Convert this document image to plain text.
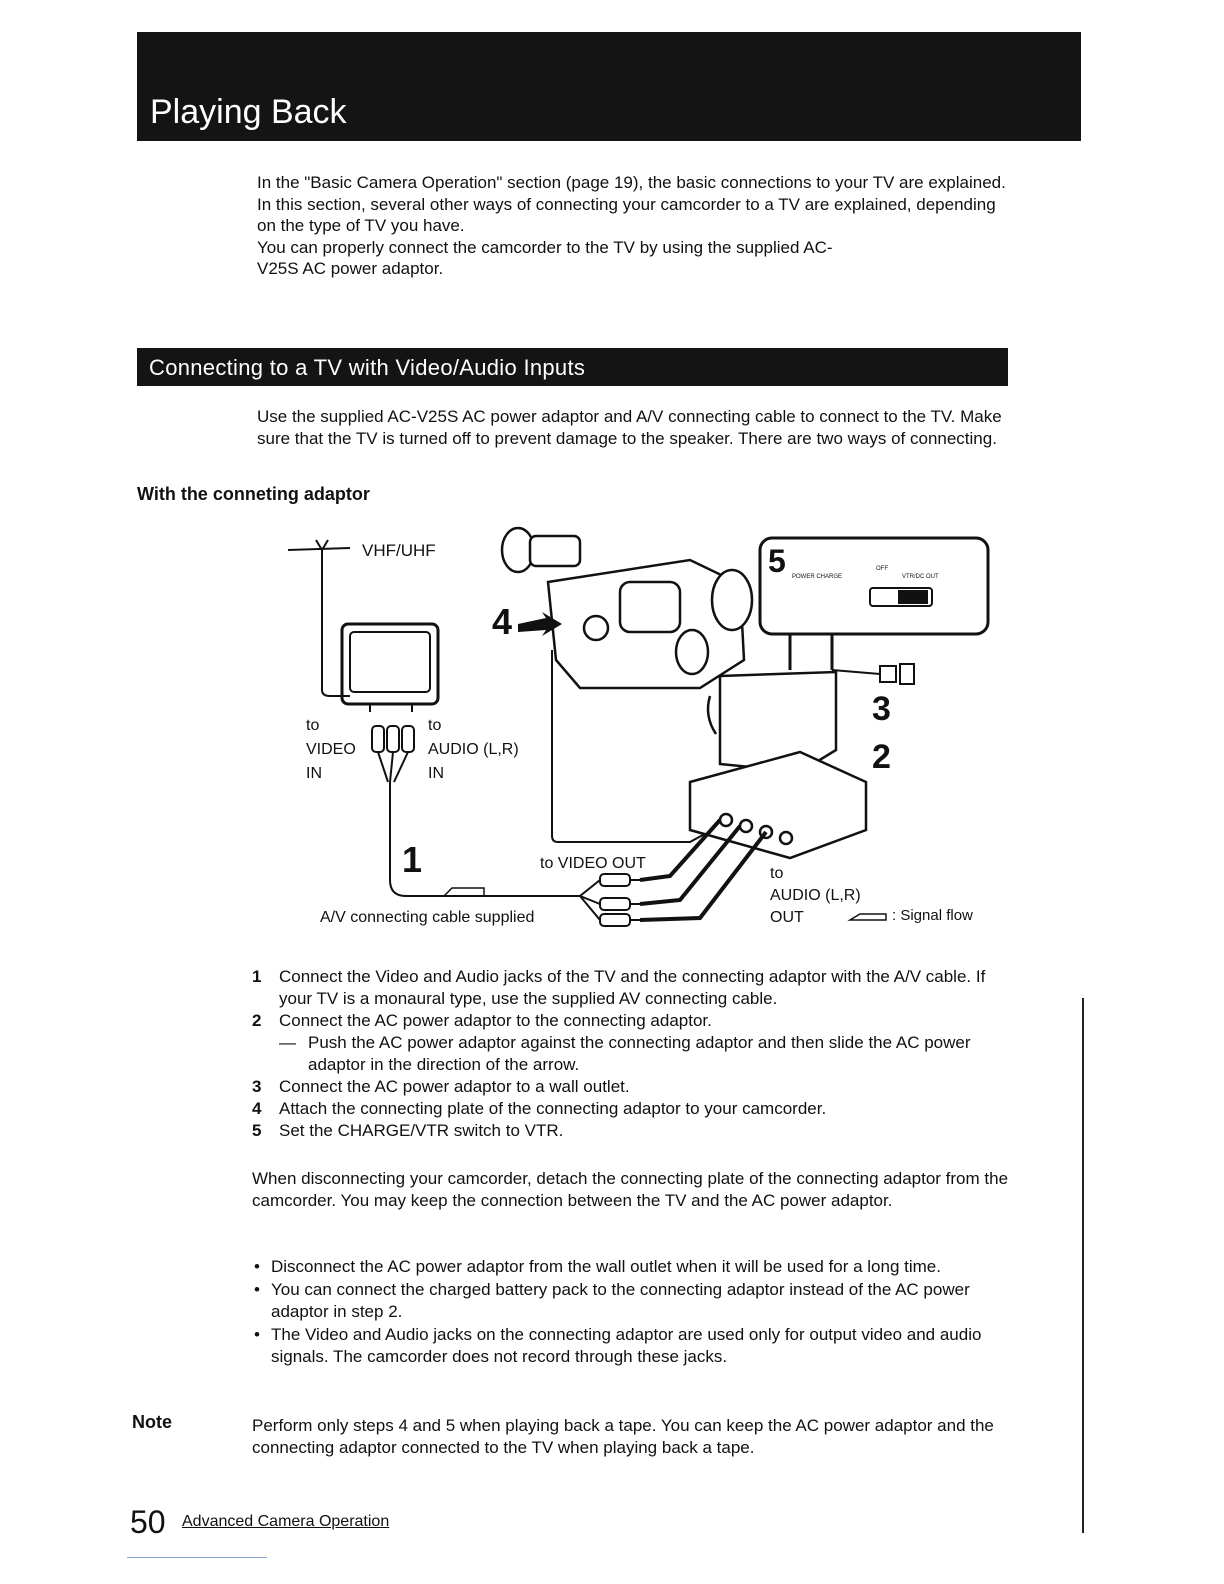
Playing Back

In the "Basic Camera Operation" section (page 19), the basic connections to your TV are explained.

In this section, several other ways of connecting your camcorder to a TV are explained, depending on the type of TV you have.

You can properly connect the camcorder to the TV by using the supplied AC-V25S AC power adaptor.

Connecting to a TV with Video/Audio Inputs

Use the supplied AC-V25S AC power adaptor and A/V connecting cable to connect to the TV. Make sure that the TV is turned off to prevent damage to the speaker. There are two ways of connecting.

With the conneting adaptor
VHF/UHF
to VIDEO IN
to AUDIO (L,R) IN
1
A/V connecting cable supplied
4
to VIDEO OUT
5 POWER CHARGE
OFF
VTR/DC OUT
3
2
to AUDIO (L,R) OUT	: Signal flow
1 Connect the Video and Audio jacks of the TV and the connecting adaptor with the A/V cable. If your TV is a monaural type, use the supplied AV connecting cable.
2 Connect the AC power adaptor to the connecting adaptor.
— Push the AC power adaptor against the connecting adaptor and then slide the AC power adaptor in the direction of the arrow.
3 Connect the AC power adaptor to a wall outlet.
4 Attach the connecting plate of the connecting adaptor to your camcorder.
5 Set the CHARGE/VTR switch to VTR.

When disconnecting your camcorder, detach the connecting plate of the connecting adaptor from the camcorder. You may keep the connection between the TV and the AC power adaptor.

• Disconnect the AC power adaptor from the wall outlet when it will be used for a long time.
• You can connect the charged battery pack to the connecting adaptor instead of the AC power adaptor in step 2.
• The Video and Audio jacks on the connecting adaptor are used only for output video and audio signals. The camcorder does not record through these jacks.
Note	Perform only steps 4 and 5 when playing back a tape. You can keep the AC power adaptor and the connecting adaptor connected to the TV when playing back a tape.

50 Advanced Camera Operation
